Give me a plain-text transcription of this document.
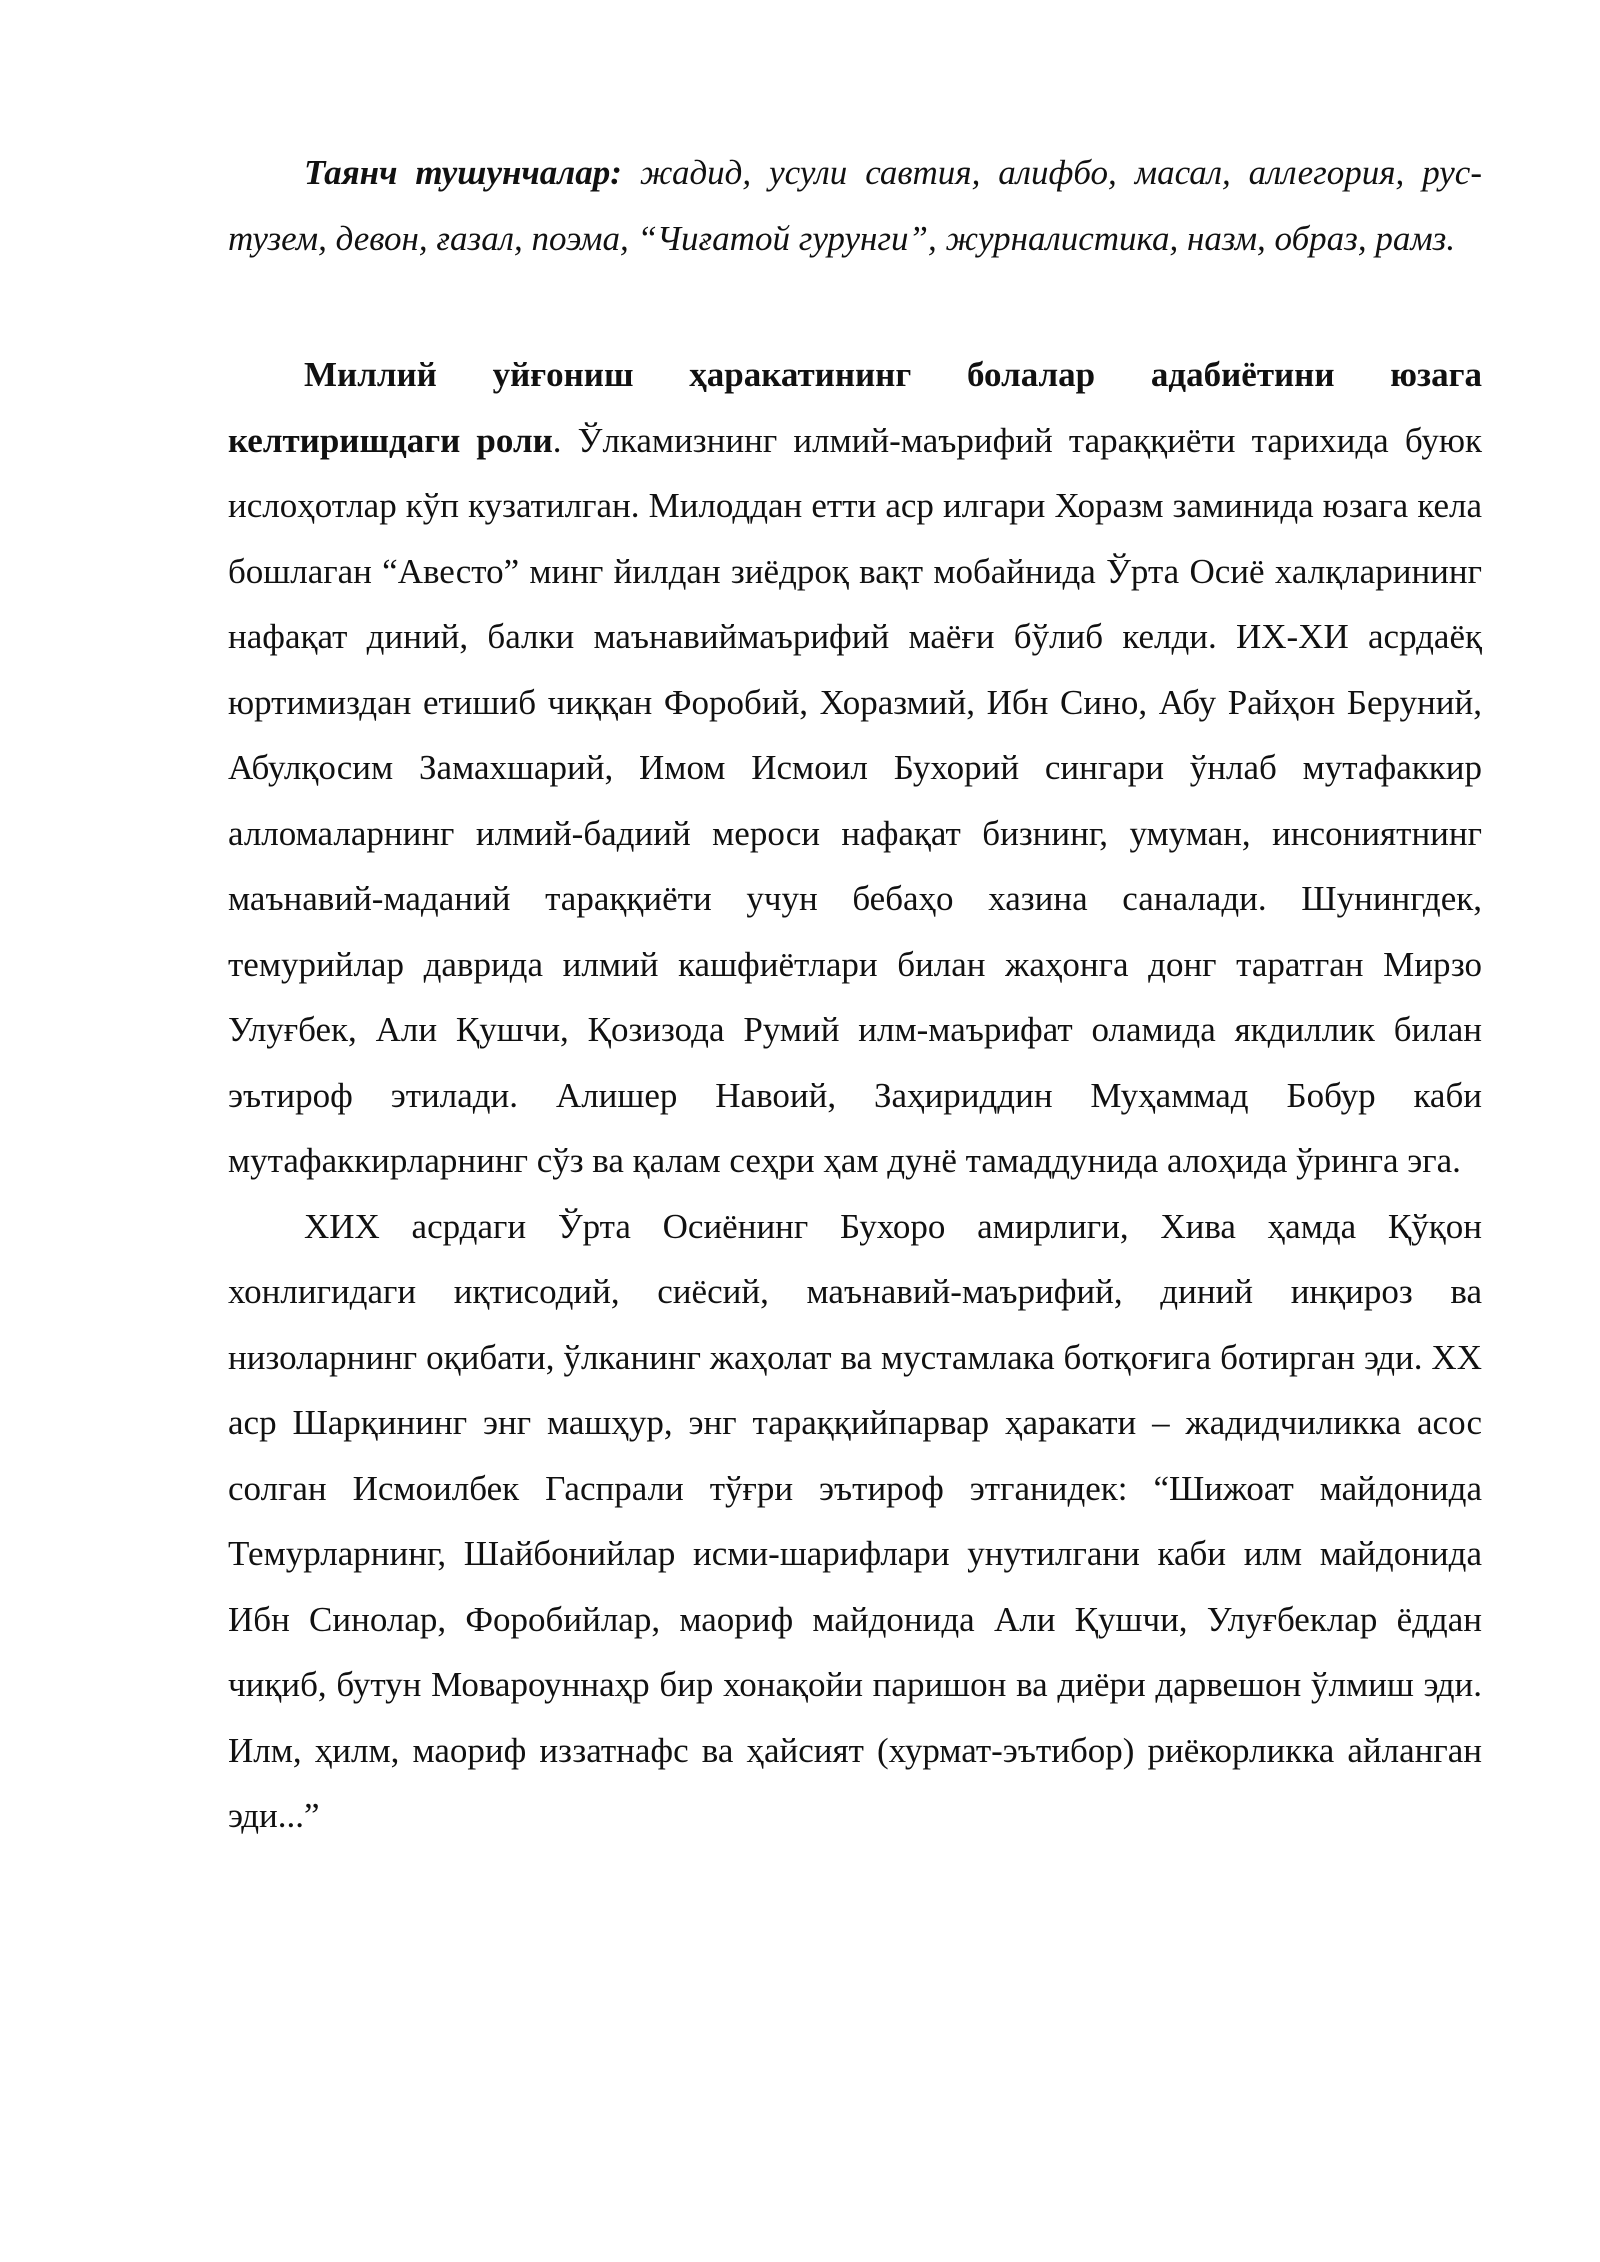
Таянч тушунчалар: жадид, усули савтия, алифбо, масал, аллегория, рус-тузем, девон, ғазал, поэма, “Чиғатой гурунги”, журналистика, назм, образ, рамз.

Миллий уйғониш ҳаракатининг болалар адабиётини юзага келтиришдаги роли. Ўлкамизнинг илмий-маърифий тараққиёти тарихида буюк ислоҳотлар кўп кузатилган. Милоддан етти аср илгари Хоразм заминида юзага кела бошлаган “Авесто” минг йилдан зиёдроқ вақт мобайнида Ўрта Осиё халқларининг нафақат диний, балки маънавиймаърифий маёғи бўлиб келди. ИХ-ХИ асрдаёқ юртимиздан етишиб чиққан Форобий, Хоразмий, Ибн Сино, Абу Райҳон Беруний, Абулқосим Замахшарий, Имом Исмоил Бухорий сингари ўнлаб мутафаккир алломаларнинг илмий-бадиий мероси нафақат бизнинг, умуман, инсониятнинг маънавий-маданий тараққиёти учун бебаҳо хазина саналади. Шунингдек, темурийлар даврида илмий кашфиётлари билан жаҳонга донг таратган Мирзо Улуғбек, Али Қушчи, Қозизода Румий илм-маърифат оламида якдиллик билан эътироф этилади. Алишер Навоий, Заҳириддин Муҳаммад Бобур каби мутафаккирларнинг сўз ва қалам сеҳри ҳам дунё тамаддунида алоҳида ўринга эга.

ХИХ асрдаги Ўрта Осиёнинг Бухоро амирлиги, Хива ҳамда Қўқон хонлигидаги иқтисодий, сиёсий, маънавий-маърифий, диний инқироз ва низоларнинг оқибати, ўлканинг жаҳолат ва мустамлака ботқоғига ботирган эди. ХХ аср Шарқининг энг машҳур, энг тараққийпарвар ҳаракати – жадидчиликка асос солган Исмоилбек Гаспрали тўғри эътироф этганидек: “Шижоат майдонида Темурларнинг, Шайбонийлар исми-шарифлари унутилгани каби илм майдонида Ибн Синолар, Форобийлар, маориф майдонида Али Қушчи, Улуғбеклар ёддан чиқиб, бутун Мовароуннаҳр бир хонақойи паришон ва диёри дарвешон ўлмиш эди. Илм, ҳилм, маориф иззатнафс ва ҳайсият (хурмат-эътибор) риёкорликка айланган эди...”
